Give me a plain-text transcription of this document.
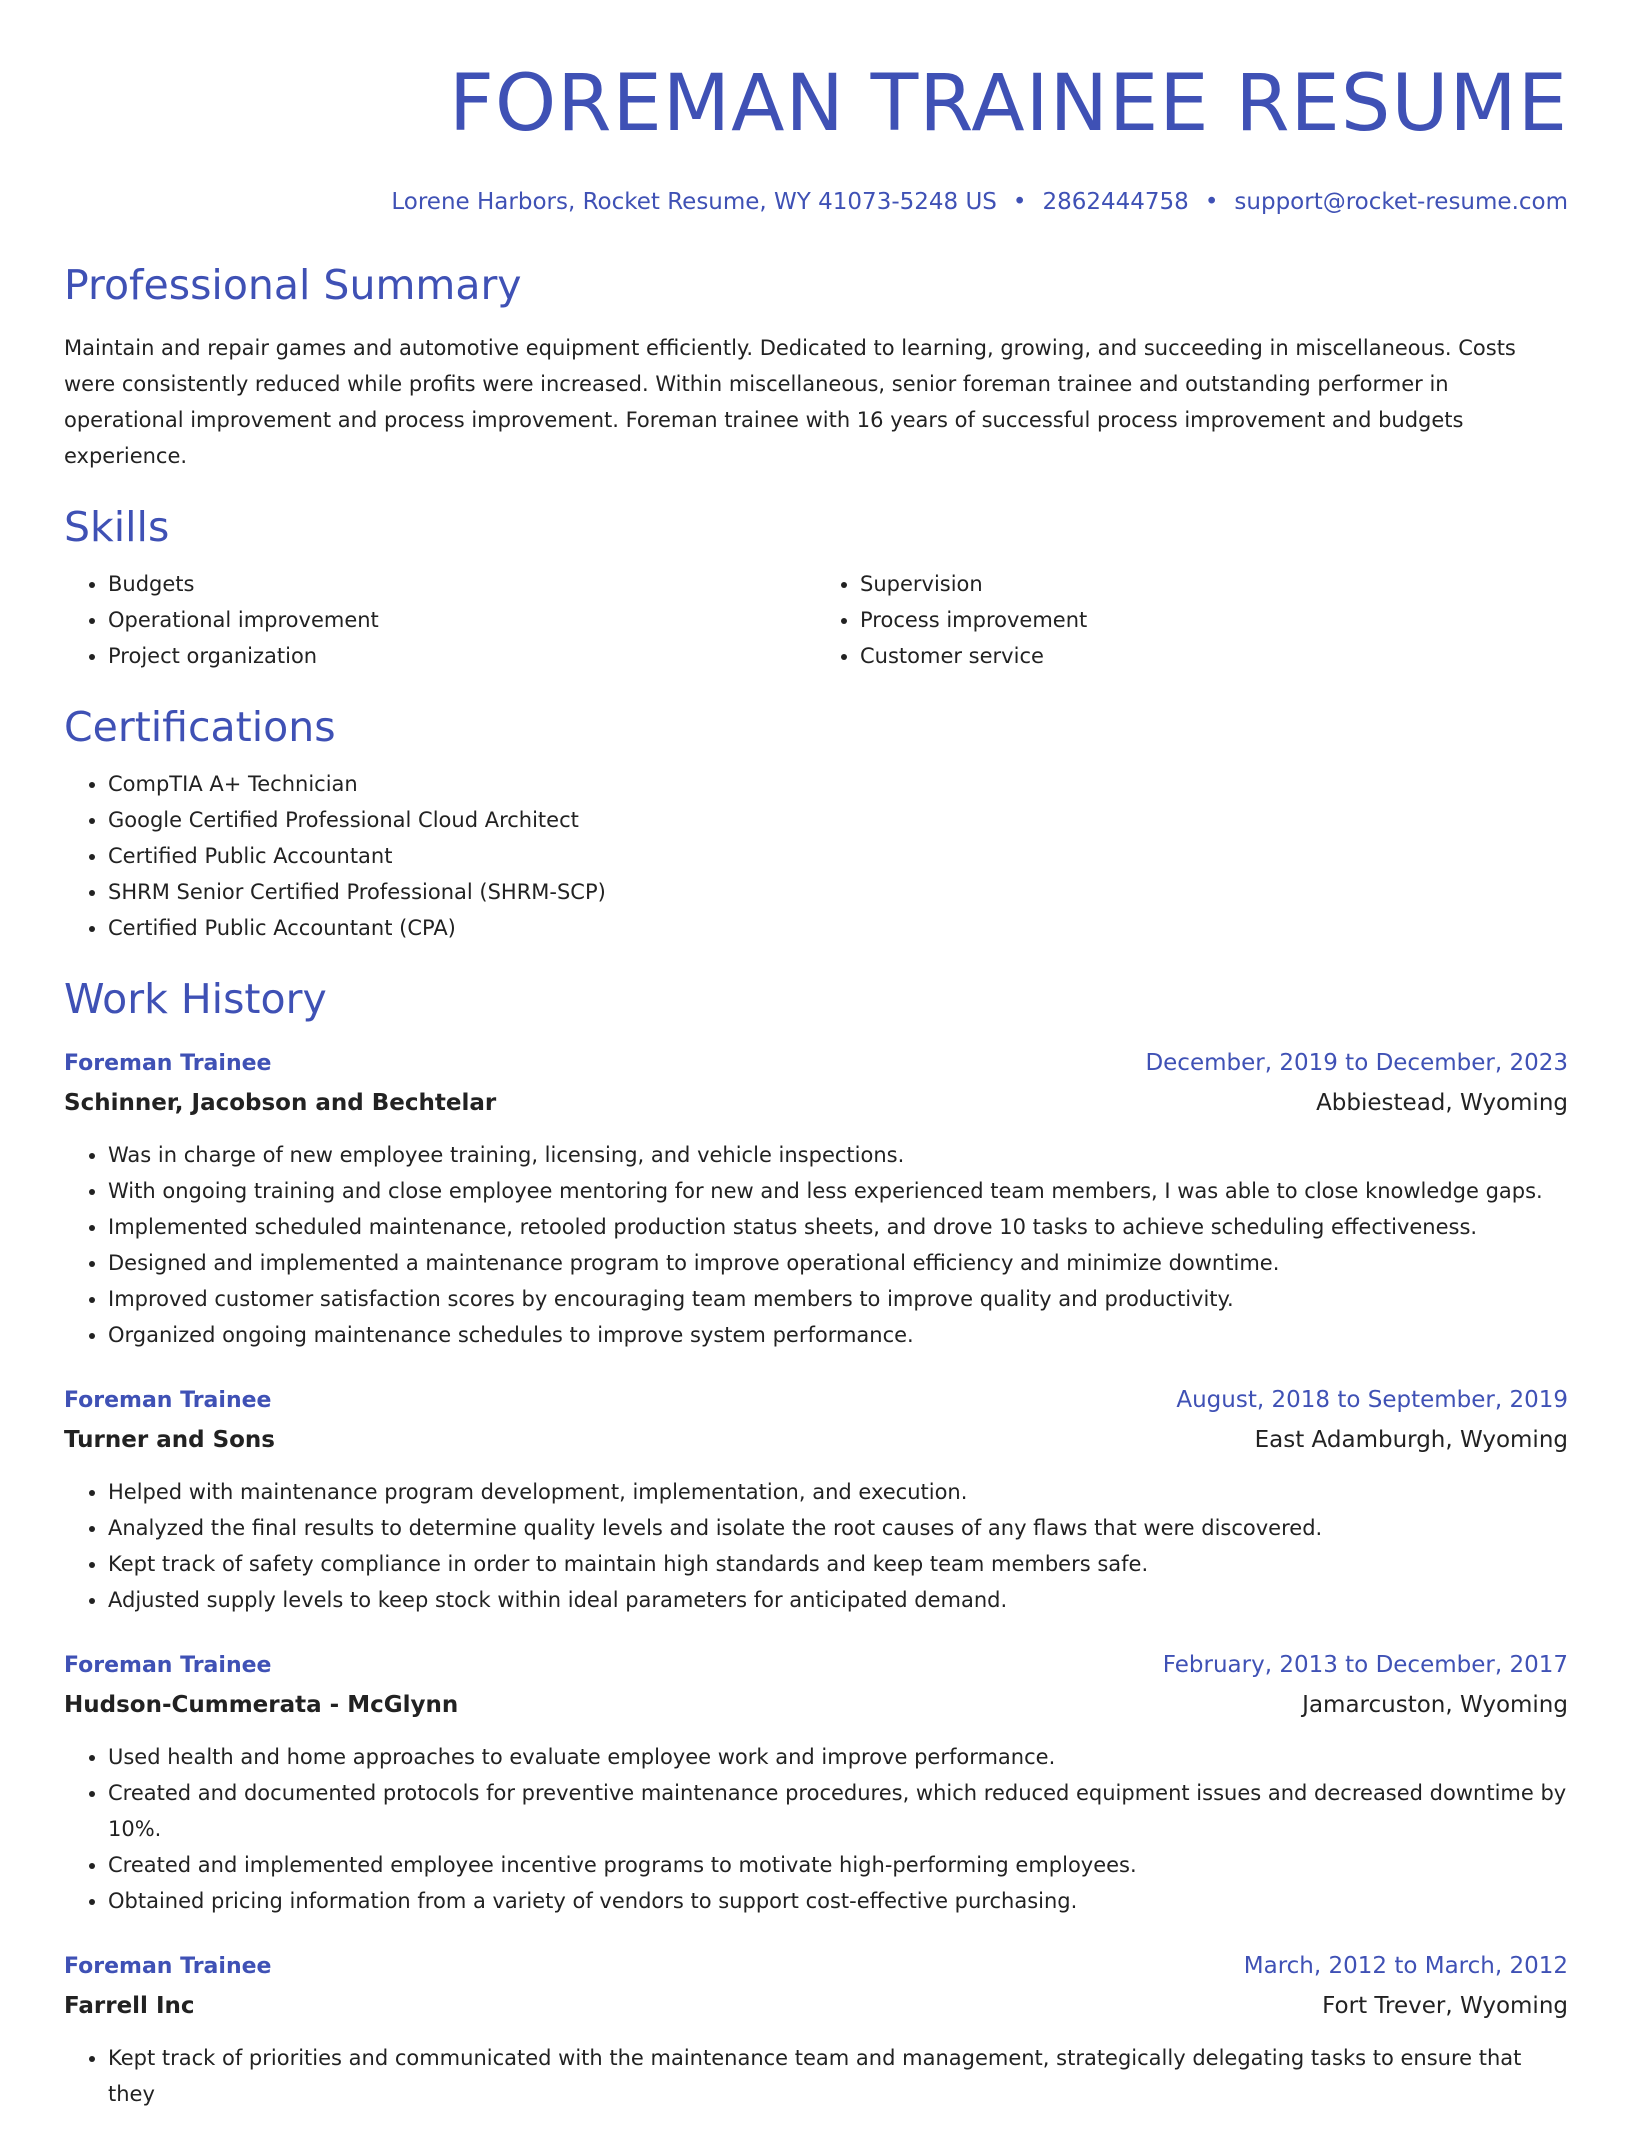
FOREMAN TRAINEE RESUME
Lorene Harbors, Rocket Resume, WY 41073-5248 US • 2862444758 • support@rocket-resume.com
Professional Summary
Maintain and repair games and automotive equipment efficiently. Dedicated to learning, growing, and succeeding in miscellaneous. Costs were consistently reduced while profits were increased. Within miscellaneous, senior foreman trainee and outstanding performer in operational improvement and process improvement. Foreman trainee with 16 years of successful process improvement and budgets experience.
Skills
• Budgets
• Operational improvement
• Project organization
• Supervision
• Process improvement
• Customer service
Certifications
• CompTIA A+ Technician
• Google Certified Professional Cloud Architect
• Certified Public Accountant
• SHRM Senior Certified Professional (SHRM-SCP)
• Certified Public Accountant (CPA)
Work History
Foreman Trainee	December, 2019 to December, 2023
Schinner, Jacobson and Bechtelar	Abbiestead, Wyoming
• Was in charge of new employee training, licensing, and vehicle inspections.
• With ongoing training and close employee mentoring for new and less experienced team members, I was able to close knowledge gaps.
• Implemented scheduled maintenance, retooled production status sheets, and drove 10 tasks to achieve scheduling effectiveness.
• Designed and implemented a maintenance program to improve operational efficiency and minimize downtime.
• Improved customer satisfaction scores by encouraging team members to improve quality and productivity.
• Organized ongoing maintenance schedules to improve system performance.
Foreman Trainee	August, 2018 to September, 2019
Turner and Sons	East Adamburgh, Wyoming
• Helped with maintenance program development, implementation, and execution.
• Analyzed the final results to determine quality levels and isolate the root causes of any flaws that were discovered.
• Kept track of safety compliance in order to maintain high standards and keep team members safe.
• Adjusted supply levels to keep stock within ideal parameters for anticipated demand.
Foreman Trainee	February, 2013 to December, 2017
Hudson-Cummerata - McGlynn	Jamarcuston, Wyoming
• Used health and home approaches to evaluate employee work and improve performance.
• Created and documented protocols for preventive maintenance procedures, which reduced equipment issues and decreased downtime by 10%.
• Created and implemented employee incentive programs to motivate high-performing employees.
• Obtained pricing information from a variety of vendors to support cost-effective purchasing.
Foreman Trainee	March, 2012 to March, 2012
Farrell Inc	Fort Trever, Wyoming
• Kept track of priorities and communicated with the maintenance team and management, strategically delegating tasks to ensure that they
